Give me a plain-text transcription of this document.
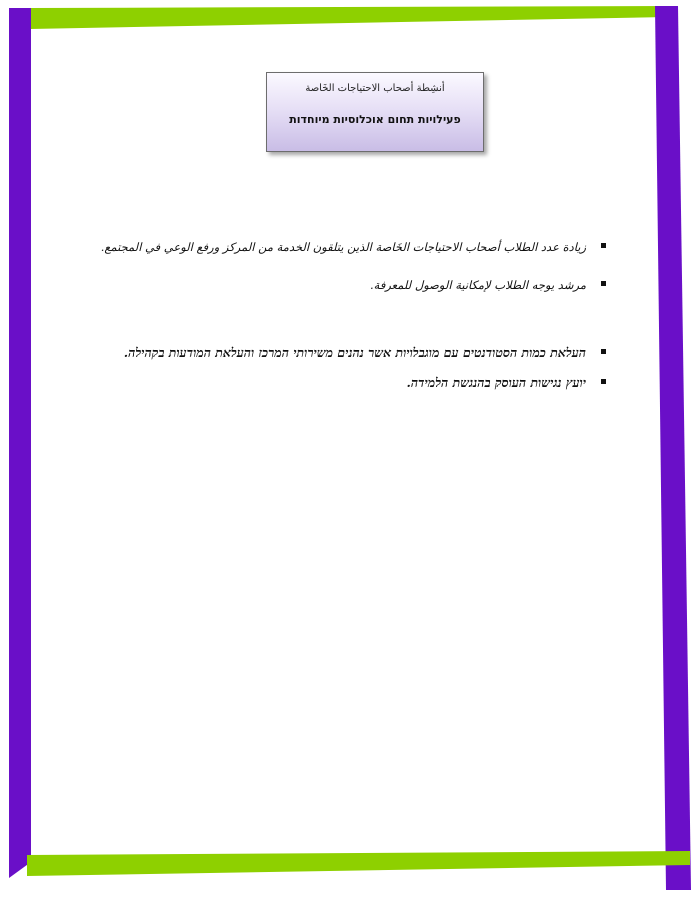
أنشِطة أصحاب الاحتياجات الخَاصة
פעילויות תחום אוכלוסיות מיוחדות
زيادة عدد الطلاب أصحاب الاحتياجات الخَاصة الذين يتلقون الخدمة من المركز ورفع الوعي في المجتمع.
مرشد يوجه الطلاب لإمكانية الوصول للمعرفة.
העלאת כמות הסטודנטים עם מוגבלויות אשר נהנים משירותי המרכז והעלאת המודעות בקהילה.
יועץ נגישות העוסק בהנגשת הלמידה.
